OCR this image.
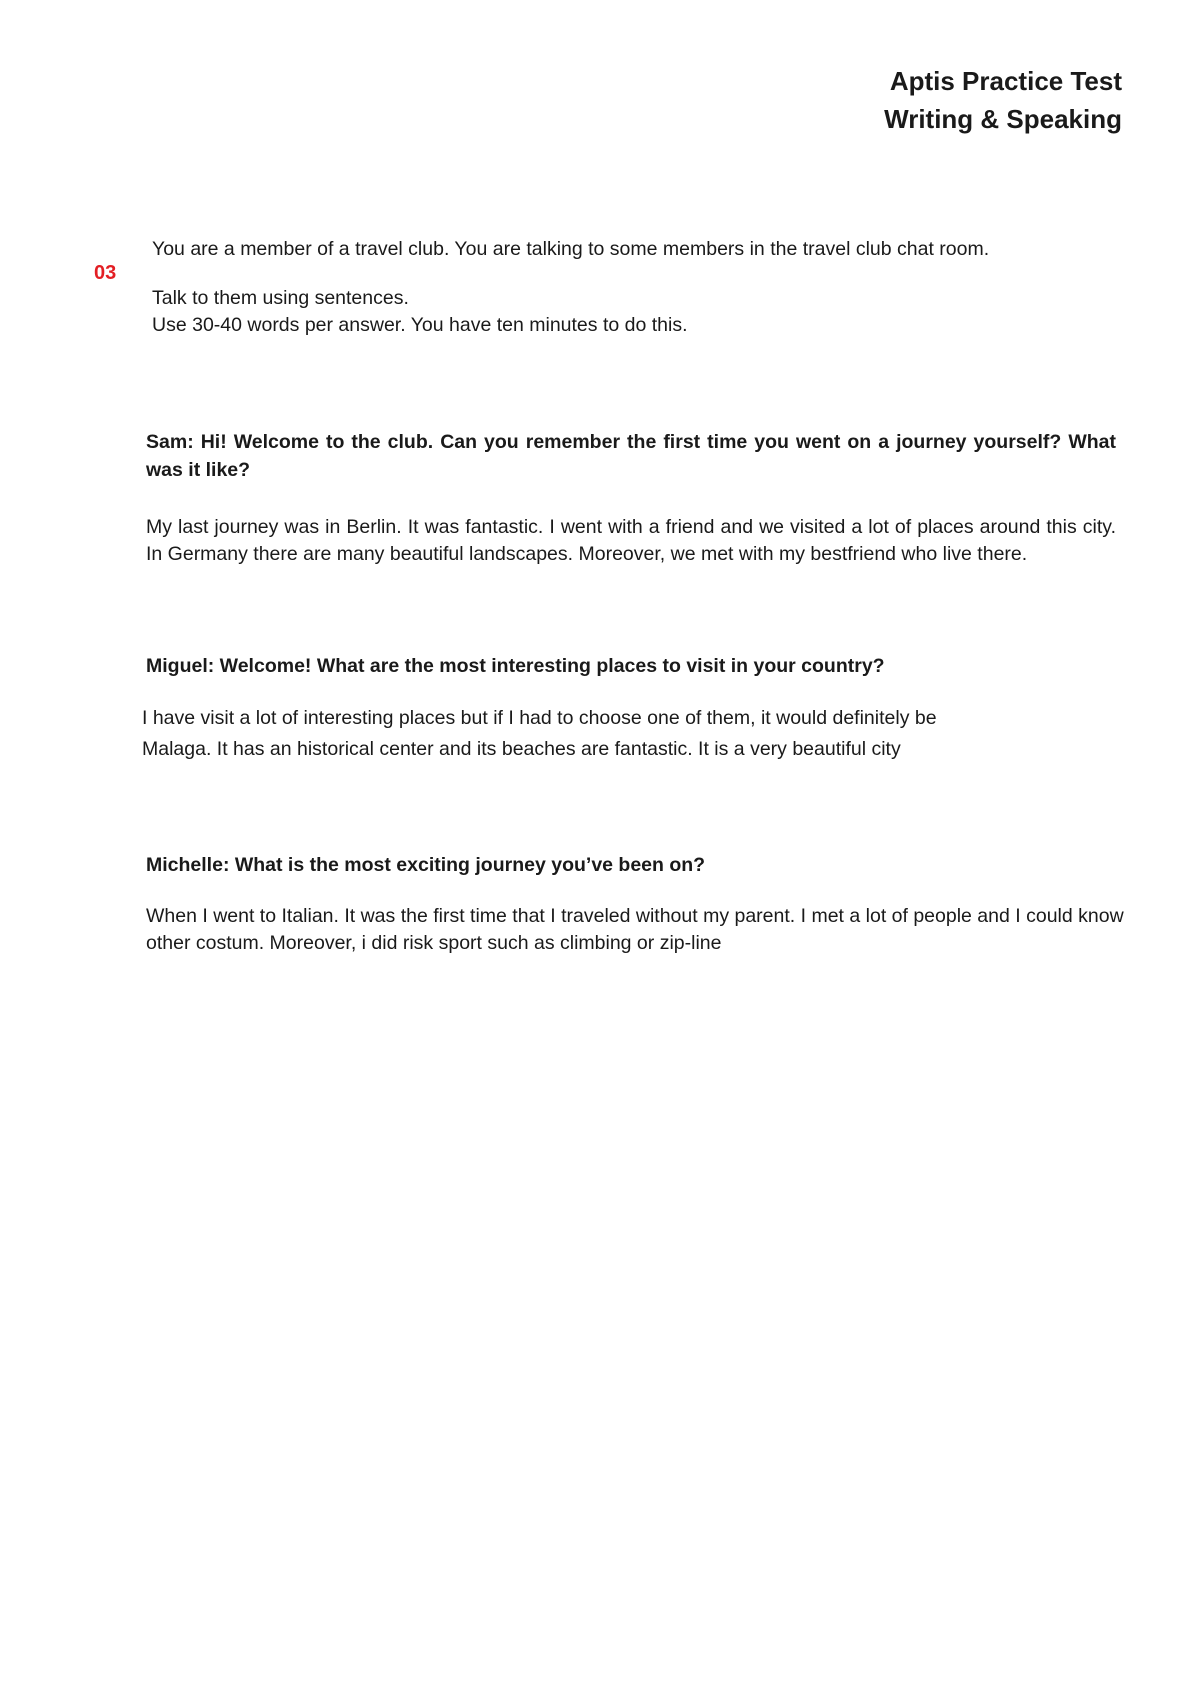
Aptis Practice Test
Writing & Speaking
03

You are a member of a travel club. You are talking to some members in the travel club chat room.

Talk to them using sentences.

Use 30-40 words per answer. You have ten minutes to do this.

Sam: Hi! Welcome to the club. Can you remember the first time you went on a journey yourself? What was it like?

My last journey was in Berlin. It was fantastic. I went with a friend and we visited a lot of places around this city. In Germany there are many beautiful landscapes. Moreover, we met with my bestfriend who live there.

Miguel: Welcome! What are the most interesting places to visit in your country?

I have visit a lot of interesting places but if I had to choose one of them, it would definitely be

Malaga. It has an historical center and its beaches are fantastic. It is a very beautiful city

Michelle: What is the most exciting journey you’ve been on?

When I went to Italian. It was the first time that I traveled without my parent. I met a lot of people and I could know other costum. Moreover, i did risk sport such as climbing or zip-line
